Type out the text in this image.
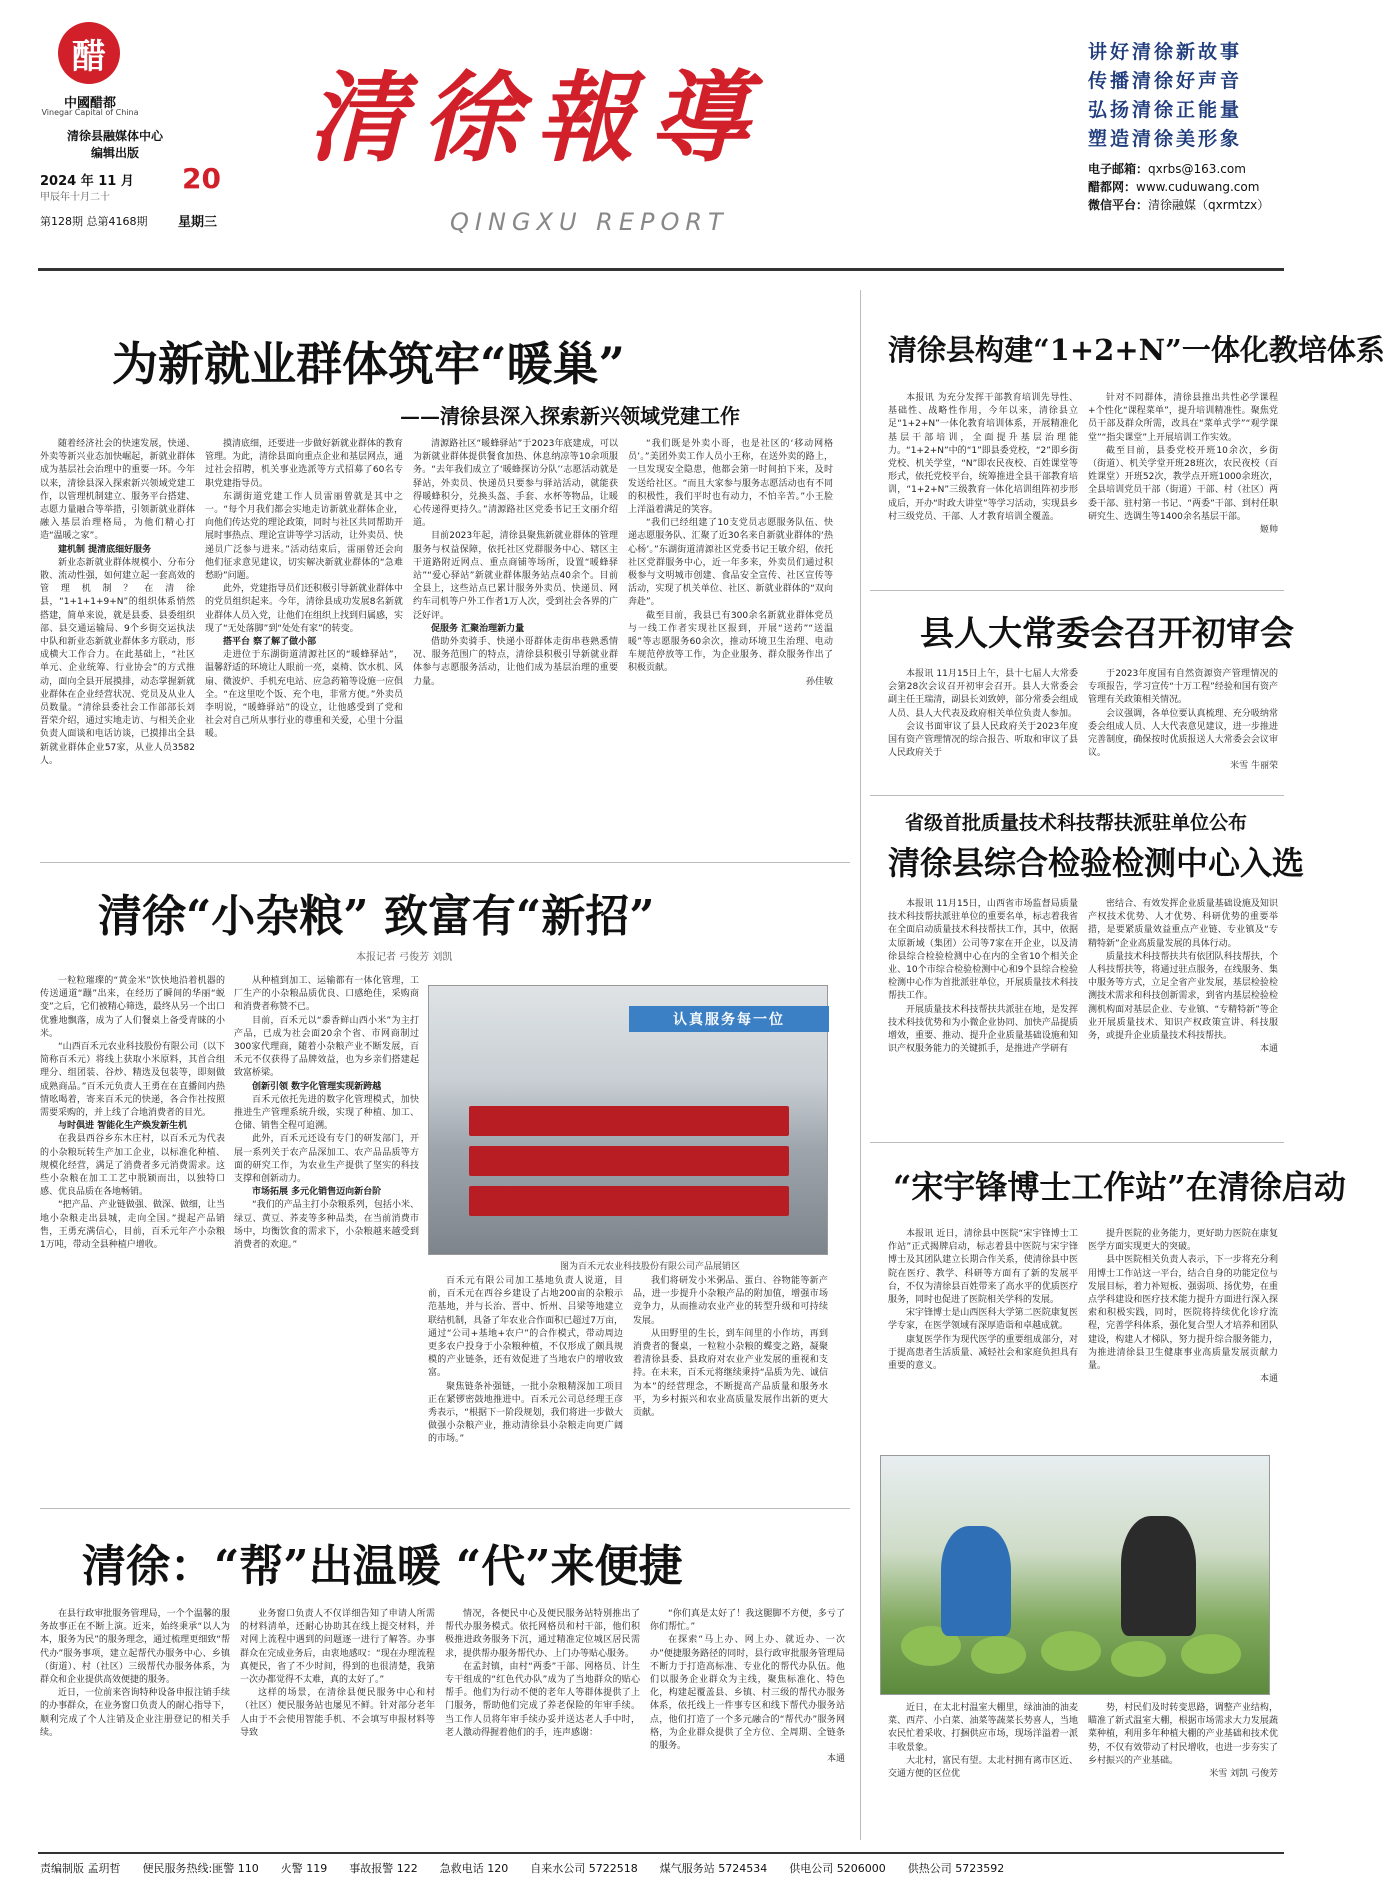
醋
中國醋都
Vinegar Capital of China
清徐县融媒体中心
编辑出版
2024 年 11 月 20
甲辰年十月二十
第128期 总第4168期 星期三
清徐報導
QINGXU REPORT
讲好清徐新故事
传播清徐好声音
弘扬清徐正能量
塑造清徐美形象
电子邮箱：qxrbs@163.com
醋都网：www.cuduwang.com
微信平台：清徐融媒（qxrmtzx）
为新就业群体筑牢“暖巢”
——清徐县深入探索新兴领域党建工作

随着经济社会的快速发展，快递、外卖等新兴业态加快崛起，新就业群体成为基层社会治理中的重要一环。今年以来，清徐县深入探索新兴领域党建工作，以管理机制建立、服务平台搭建、志愿力量融合等举措，引领新就业群体融入基层治理格局，为他们精心打造“温暖之家”。

建机制 提清底细好服务

新业态新就业群体规模小、分布分散、流动性强，如何建立起一套高效的管理机制？在清徐县，“1+1+1+9+N”的组织体系悄然搭建，简单来说，就是县委、县委组织部、县交通运输局、9个乡街交运执法中队和新业态新就业群体多方联动，形成横大工作合力。在此基础上，“社区单元、企业统筹、行业协会”的方式推动，面向全县开展摸排，动态掌握新就业群体在企业经营状况、党员及从业人员数量。“清徐县委社会工作部部长刘晋荣介绍，通过实地走访、与相关企业负责人面谈和电话访谈，已摸排出全县新就业群体企业57家，从业人员3582人。

摸清底细，还要进一步做好新就业群体的教育管理。为此，清徐县面向重点企业和基层网点，通过社会招聘，机关事业选派等方式招募了60名专职党建指导员。

东湖街道党建工作人员雷丽曾就是其中之一。“每个月我们都会实地走访新就业群体企业，向他们传达党的理论政策，同时与社区共同帮助开展时事热点、理论宣讲等学习活动，让外卖员、快递员广泛参与进来。”活动结束后，雷丽曾还会向他们征求意见建议，切实解决新就业群体的“急难愁盼”问题。

此外，党建指导员们还积极引导新就业群体中的党员组织起来。今年，清徐县成功发展8名新就业群体人员入党，让他们在组织上找到归属感，实现了“无处落脚”到“处处有家”的转变。

搭平台 察了解了做小部

走进位于东湖街道清源社区的“暖蜂驿站”，温馨舒适的环境让人眼前一亮，桌椅、饮水机、风扇、微波炉、手机充电站、应急药箱等设施一应俱全。“在这里吃个饭、充个电，非常方便。”外卖员李明说，“暖蜂驿站”的设立，让他感受到了党和社会对自己所从事行业的尊重和关爱，心里十分温暖。

清源路社区“暖蜂驿站”于2023年底建成，可以为新就业群体提供餐食加热、休息纳凉等10余项服务。“去年我们成立了‘暖蜂探访分队’‘志愿活动就是驿站，外卖员、快递员只要参与驿站活动，就能获得暖蜂积分，兑换头盔、手套、水杯等物品，让暖心传递得更持久。”清源路社区党委书记王文丽介绍道。

目前2023年起，清徐县聚焦新就业群体的管理服务与权益保障，依托社区党群服务中心、辖区主干道路附近网点、重点商铺等场所，设置“暖蜂驿站”“爱心驿站”新就业群体服务站点40余个。目前全县上，这些站点已累计服务外卖员、快递员、网约车司机等户外工作者1万人次，受到社会各界的广泛好评。

促服务 汇聚治理新力量

借助外卖骑手、快递小哥群体走街串巷熟悉情况、服务范围广的特点，清徐县积极引导新就业群体参与志愿服务活动，让他们成为基层治理的重要力量。

“我们既是外卖小哥，也是社区的‘移动网格员’。”美团外卖工作人员小王称，在送外卖的路上，一旦发现安全隐患，他都会第一时间拍下来，及时发送给社区。“而且大家参与服务志愿活动也有不同的积极性，我们平时也有动力，不怕辛苦。”小王脸上洋溢着满足的笑容。

“我们已经组建了10支党员志愿服务队伍、快递志愿服务队、汇聚了近30名来自新就业群体的‘热心杨’。”东湖街道清源社区党委书记王敏介绍，依托社区党群服务中心，近一年多来，外卖员们通过积极参与文明城市创建、食品安全宣传、社区宣传等活动，实现了机关单位、社区、新就业群体的“双向奔赴”。

截至目前，我县已有300余名新就业群体党员与一线工作者实现社区报到，开展“送药”“送温暖”等志愿服务60余次，推动环境卫生治理、电动车规范停放等工作，为企业服务、群众服务作出了积极贡献。

孙佳敏

清徐县构建“1+2+N”一体化教培体系

本报讯 为充分发挥干部教育培训先导性、基础性、战略性作用，今年以来，清徐县立足“1+2+N”一体化教育培训体系，开展精准化基层干部培训，全面提升基层治理能力。“1+2+N”中的“1”即县委党校，“2”即乡街党校、机关学堂，“N”即农民夜校、百姓课堂等形式，依托党校平台，统筹推进全县干部教育培训，“1+2+N”三级教育一体化培训组阵初步形成后，开办“时政大讲堂”等学习活动，实现县乡村三级党员、干部、人才教育培训全覆盖。

针对不同群体，清徐县推出共性必学课程+个性化“课程菜单”，提升培训精准性。聚焦党员干部及群众所需，改具在“菜单式学”“观学课堂”“指尖课堂”上开展培训工作实效。

截至目前，县委党校开班10余次，乡街（街道）、机关学堂开班28班次，农民夜校（百姓课堂）开班52次，教学点开班1000余班次，全县培训党员干部（街道）干部、村（社区）两委干部、驻村第一书记、“两委”干部、到村任职研究生、选调生等1400余名基层干部。

姬帅

县人大常委会召开初审会

本报讯 11月15日上午，县十七届人大常委会第28次会议召开初审会召开。县人大常委会副主任王瑞清，副县长刘致婷，部分常委会组成人员、县人大代表及政府相关单位负责人参加。

会议书面审议了县人民政府关于2023年度国有资产管理情况的综合报告、听取和审议了县人民政府关于

于2023年度国有自然资源资产管理情况的专项报告，学习宣传“十万工程”经验和国有资产管理有关政策相关情况。

会议强调，各单位要认真梳理、充分吸纳常委会组成人员、人大代表意见建议，进一步推进完善制度，确保按时优质报送人大常委会会议审议。

米雪 牛丽荣

省级首批质量技术科技帮扶派驻单位公布
清徐县综合检验检测中心入选

本报讯 11月15日，山西省市场监督局质量技术科技帮扶派驻单位的重要名单，标志着我省在全面启动质量技术科技帮扶工作，其中，依据太原新域（集团）公司等7家在开企业，以及清徐县综合检验检测中心在内的全省10个相关企业、10个市综合检验检测中心和9个县综合检验检测中心作为首批派驻单位，开展质量技术科技帮扶工作。

开展质量技术科技帮扶共派驻在地，是发挥技术科技优势和为小微企业协同、加快产品提质增效，重要、推动、提升企业质量基础设施和知识产权服务能力的关键抓手，是推进产学研有

密结合、有效发挥企业质量基础设施及知识产权技术优势、人才优势、科研优势的重要举措，是要紧质量效益重点产业链、专业镇及“专精特新”企业高质量发展的具体行动。

质量技术科技帮扶共有依团队科技帮扶，个人科技帮扶等，将通过驻点服务，在线服务、集中服务等方式，立足全省产业发展，基层检验检测技术需求和科技创新需求，到省内基层检验检测机构面对基层企业、专业镇、“专精特新”等企业开展质量技术、知识产权政策宣讲、科技服务，或提升企业质量技术科技帮扶。

本通

“宋宇锋博士工作站”在清徐启动

本报讯 近日，清徐县中医院“宋宇锋博士工作站”正式揭牌启动，标志着县中医院与宋宇锋博士及其团队建立长期合作关系，使清徐县中医院在医疗、教学、科研等方面有了新的发展平台，不仅为清徐县百姓带来了高水平的优质医疗服务，同时也促进了医院相关学科的发展。

宋宇锋博士是山西医科大学第二医院康复医学专家，在医学领域有深厚造诣和卓越成就。

康复医学作为现代医学的重要组成部分，对于提高患者生活质量、减轻社会和家庭负担具有重要的意义。

提升医院的业务能力，更好助力医院在康复医学方面实现更大的突破。

县中医院相关负责人表示，下一步将充分利用博士工作站这一平台，结合自身的功能定位与发展目标，着力补短板、强弱项、扬优势，在重点学科建设和医疗技术能力提升方面进行深入探索和积极实践，同时，医院将持续优化诊疗流程，完善学科体系，强化复合型人才培养和团队建设，构建人才梯队，努力提升综合服务能力，为推进清徐县卫生健康事业高质量发展贡献力量。

本通

近日，在太北村温室大棚里，绿油油的油麦菜、西芹、小白菜、油菜等蔬菜长势喜人，当地农民忙着采收、打捆供应市场，现场洋溢着一派丰收景象。

大北村，富民有望。太北村拥有离市区近、交通方便的区位优

势，村民们及时转变思路，调整产业结构，瞄准了新式温室大棚，根据市场需求大力发展蔬菜种植，利用多年种植大棚的产业基础和技术优势，不仅有效带动了村民增收，也进一步夯实了乡村振兴的产业基础。

米雪 刘凯 弓俊芳

清徐“小杂粮” 致富有“新招”
本报记者 弓俊芳 刘凯

一粒粒璀璨的“黄金米”饮快地沿着机器的传送通道“蹦”出来，在经历了瞬间的华丽“蜕变”之后，它们被精心筛选，最终从另一个出口优雅地飘落，成为了人们餐桌上备受青睐的小米。

“山西百禾元农业科技股份有限公司（以下简称百禾元）将线上获取小米原料，其首合组理分、组团装、谷炒、精选及包装等，即刻做成熟商品。”百禾元负责人王勇在在直播间内热情吆喝着，寄来百禾元的快递，各合作社按照需要采购的，并上线了合地消费者的目光。

与时俱进 智能化生产焕发新生机

在我县西谷乡东木庄村，以百禾元为代表的小杂粮玩转生产加工企业，以标准化种植、规模化经营，满足了消费者多元消费需求。这些小杂粮在加工工艺中脱颖而出，以独特口感、优良品质在各地畅销。

“把产品、产业链做强、做深、做细，让当地小杂粮走出县城，走向全国。”提起产品销售，王勇充满信心，目前，百禾元年产小杂粮1万吨，带动全县种植户增收。

从种植到加工、运输都有一体化管理，工厂生产的小杂粮品质优良、口感绝佳，采购商和消费者称赞不已。

目前，百禾元以“黍香鲜山西小米”为主打产品，已成为社会面20余个省、市网商制过300家代理商，随着小杂粮产业不断发展，百禾元不仅获得了品牌效益，也为乡亲们搭建起致富桥梁。

创新引领 数字化管理实现新跨越

百禾元依托先进的数字化管理模式，加快推进生产管理系统升级，实现了种植、加工、仓储、销售全程可追溯。

此外，百禾元还设有专门的研发部门，开展一系列关于农产品深加工、农产品品质等方面的研究工作，为农业生产提供了坚实的科技支撑和创新动力。

市场拓展 多元化销售迈向新台阶

“我们的产品主打小杂粮系列，包括小米、绿豆、黄豆、荞麦等多种品类，在当前消费市场中，均衡饮食的需求下，小杂粮越来越受到消费者的欢迎。”

认真服务每一位
图为百禾元农业科技股份有限公司产品展销区

百禾元有限公司加工基地负责人说道，目前，百禾元在西谷乡建设了占地200亩的杂粮示范基地，并与长治、晋中、忻州、吕梁等地建立联结机制，具备了年农业合作面积已超过7万亩，通过“公司+基地+农户”的合作模式，带动周边更多农户投身于小杂粮种植，不仅形成了颇具规模的产业链条，还有效促进了当地农户的增收致富。

聚焦链条补强链，一批小杂粮精深加工项目正在紧锣密鼓地推进中。百禾元公司总经理王彦秀表示，“根据下一阶段规划，我们将进一步做大做强小杂粮产业，推动清徐县小杂粮走向更广阔的市场。”

我们将研发小米粥品、蛋白、谷物能等新产品，进一步提升小杂粮产品的附加值，增强市场竞争力，从而推动农业产业的转型升级和可持续发展。

从田野里的生长，到车间里的小作坊，再到消费者的餐桌，一粒粒小杂粮的蝶变之路，凝聚着清徐县委、县政府对农业产业发展的重视和支持。在未来，百禾元将继续秉持“品质为先、诚信为本”的经营理念，不断提高产品质量和服务水平，为乡村振兴和农业高质量发展作出新的更大贡献。

清徐：“帮”出温暖 “代”来便捷

在县行政审批服务管理局，一个个温馨的服务故事正在不断上演。近来，始终秉承“以人为本，服务为民”的服务理念，通过梳理更细致“帮代办”服务事项，建立起帮代办服务中心、乡镇（街道）、村（社区）三级帮代办服务体系，为群众和企业提供高效便捷的服务。

近日，一位前来咨询特种设备申报注销手续的办事群众，在业务窗口负责人的耐心指导下，顺利完成了个人注销及企业注册登记的相关手续。

业务窗口负责人不仅详细告知了申请人所需的材料清单，还耐心协助其在线上提交材料，并对网上流程中遇到的问题逐一进行了解答。办事群众在完成业务后，由衷地感叹：“现在办理流程真便民，省了不少时间，得到的也很清楚，我第一次办都觉得不太难，真的太好了。”

这样的场景，在清徐县便民服务中心和村（社区）便民服务站也屡见不鲜。针对部分老年人由于不会使用智能手机、不会填写申报材料等导致

情况，各便民中心及便民服务站特别推出了帮代办服务模式。依托网格员和村干部，他们积极推进政务服务下沉，通过精准定位城区居民需求，提供帮办服务帮代办、上门办等贴心服务。

在孟封镇，由村“两委”干部、网格员、计生专干组成的“红色代办队”成为了当地群众的贴心帮手。他们为行动不便的老年人等群体提供了上门服务，帮助他们完成了养老保险的年审手续。当工作人员将年审手续办妥并送达老人手中时，老人激动得握着他们的手，连声感谢：

“你们真是太好了！我这腿脚不方便，多亏了你们帮忙。”

在探索“马上办、网上办、就近办、一次办”便捷服务路径的同时，县行政审批服务管理局不断力于打造高标准、专业化的帮代办队伍。他们以服务企业群众为主线，聚焦标准化、特色化，构建起覆盖县、乡镇、村三级的帮代办服务体系，依托线上一件事专区和线下帮代办服务站点，他们打造了一个多元融合的“帮代办”服务网格，为企业群众提供了全方位、全周期、全链条的服务。

本通

责编制版 孟玥哲 便民服务热线:匪警 110 火警 119 事故报警 122 急救电话 120 自来水公司 5722518 煤气服务站 5724534 供电公司 5206000 供热公司 5723592
